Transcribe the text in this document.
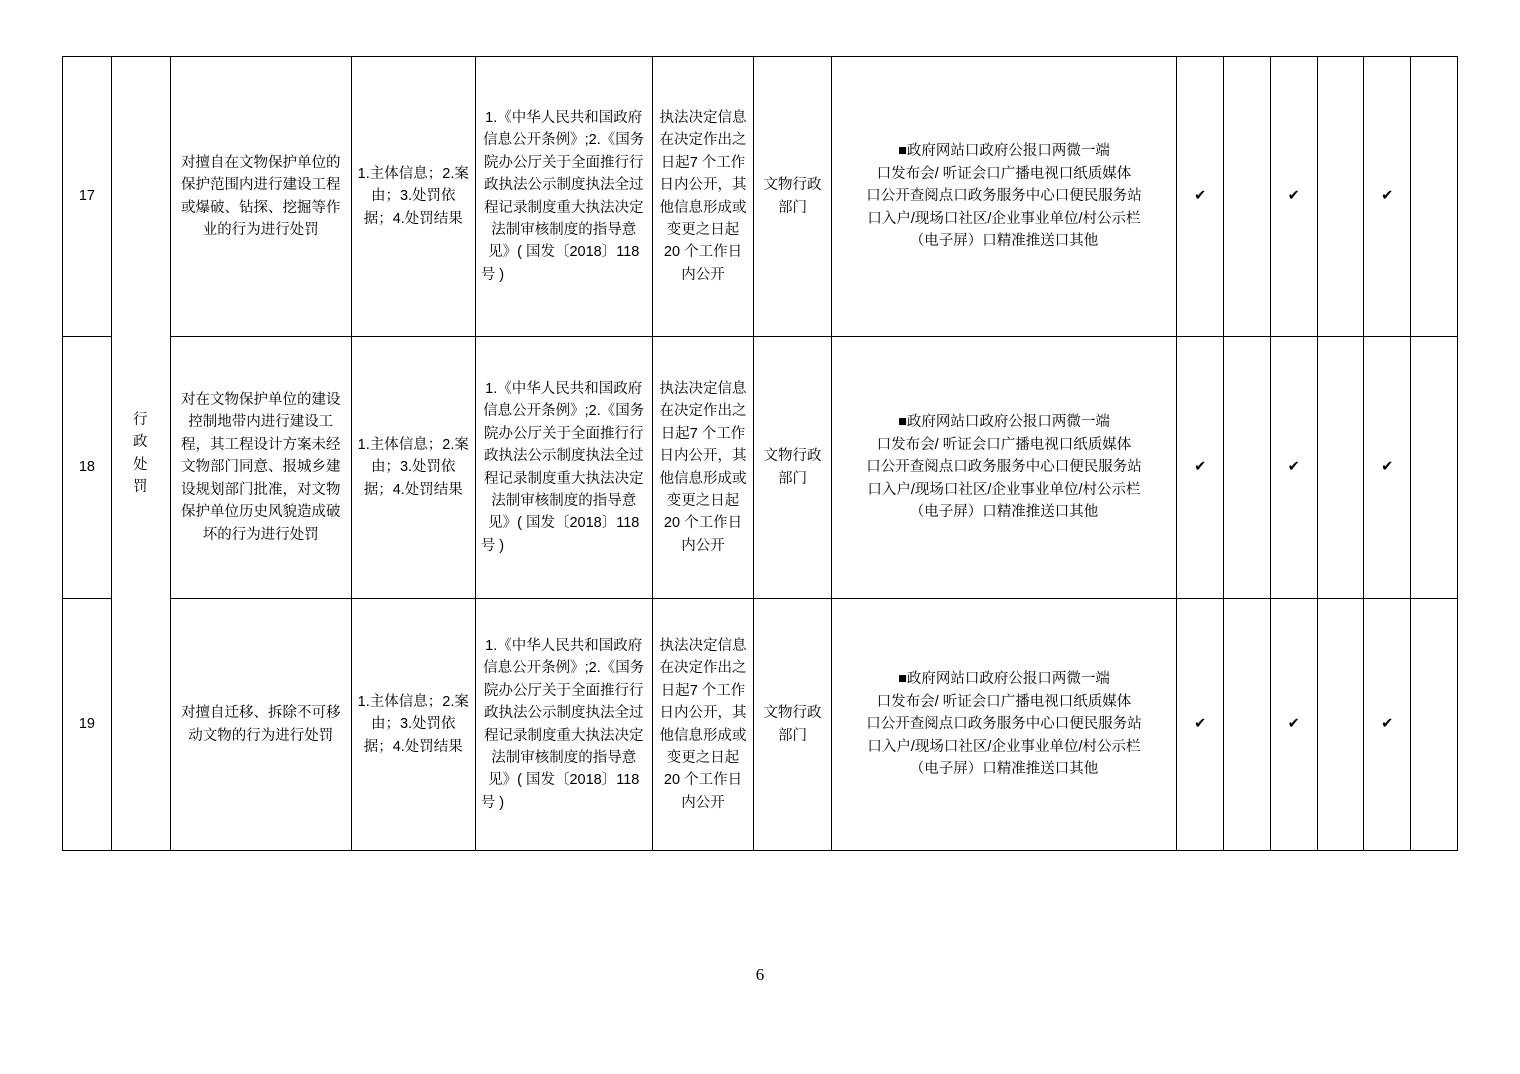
17	行
政
处
罚	对擅自在文物保护单位的保护范围内进行建设工程或爆破、钻探、挖掘等作业的行为进行处罚	1.主体信息；2.案由；3.处罚依据；4.处罚结果	1.《中华人民共和国政府信息公开条例》;2.《国务院办公厅关于全面推行行政执法公示制度执法全过程记录制度重大执法决定法制审核制度的指导意见》( 国发〔2018〕118 号 )	执法决定信息在决定作出之日起7 个工作日内公开，其他信息形成或变更之日起 20 个工作日内公开	文物行政部门	■政府网站口政府公报口两微一端
口发布会/ 听证会口广播电视口纸质媒体
口公开查阅点口政务服务中心口便民服务站
口入户/现场口社区/企业事业单位/村公示栏
（电子屏）口精准推送口其他	✔		✔		✔	
18		对在文物保护单位的建设控制地带内进行建设工程，其工程设计方案未经文物部门同意、报城乡建设规划部门批准，对文物保护单位历史风貌造成破坏的行为进行处罚	1.主体信息；2.案由；3.处罚依据；4.处罚结果	1.《中华人民共和国政府信息公开条例》;2.《国务院办公厅关于全面推行行政执法公示制度执法全过程记录制度重大执法决定法制审核制度的指导意见》( 国发〔2018〕118 号 )	执法决定信息在决定作出之日起7 个工作日内公开，其他信息形成或变更之日起 20 个工作日内公开	文物行政部门	■政府网站口政府公报口两微一端
口发布会/ 听证会口广播电视口纸质媒体
口公开查阅点口政务服务中心口便民服务站
口入户/现场口社区/企业事业单位/村公示栏
（电子屏）口精准推送口其他	✔		✔		✔	
19		对擅自迁移、拆除不可移动文物的行为进行处罚	1.主体信息；2.案由；3.处罚依据；4.处罚结果	1.《中华人民共和国政府信息公开条例》;2.《国务院办公厅关于全面推行行政执法公示制度执法全过程记录制度重大执法决定法制审核制度的指导意见》( 国发〔2018〕118 号 )	执法决定信息在决定作出之日起7 个工作日内公开，其他信息形成或变更之日起 20 个工作日内公开	文物行政部门	■政府网站口政府公报口两微一端
口发布会/ 听证会口广播电视口纸质媒体
口公开查阅点口政务服务中心口便民服务站
口入户/现场口社区/企业事业单位/村公示栏
（电子屏）口精准推送口其他	✔		✔		✔	
6
